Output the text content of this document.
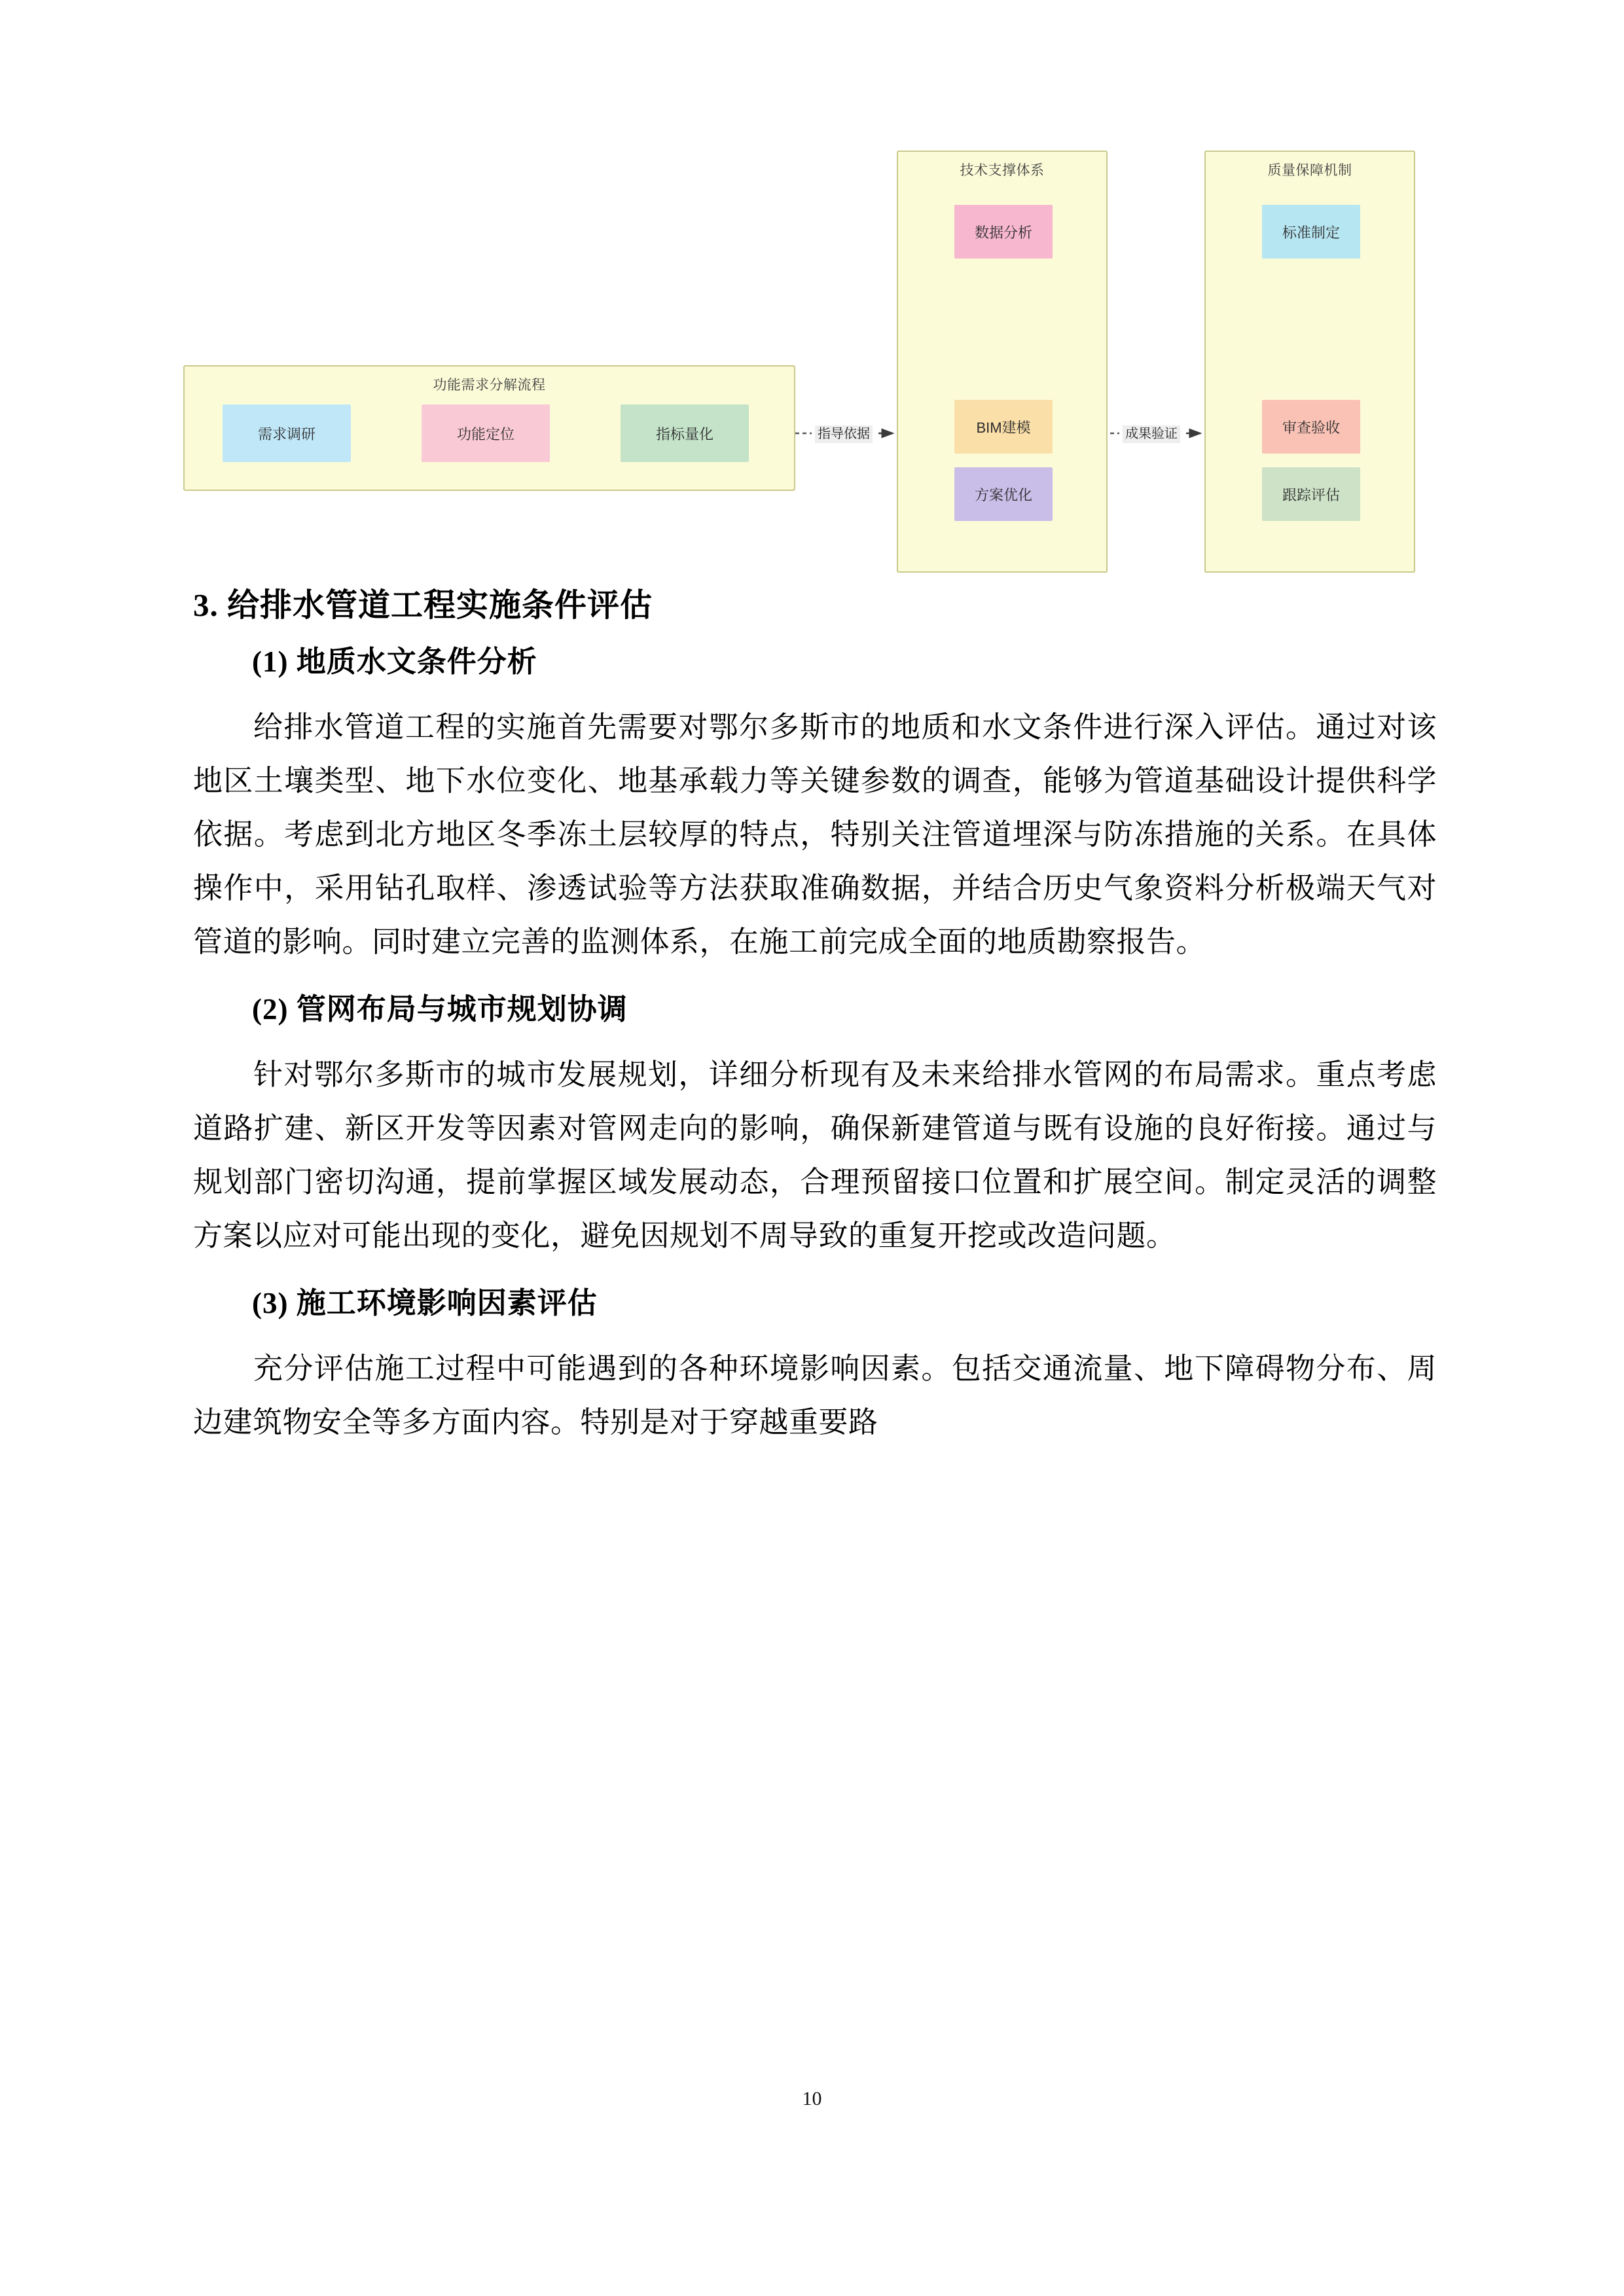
功能需求分解流程
需求调研	功能定位	指标量化
技术支撑体系
数据分析
BIM建模
方案优化
质量保障机制
标准制定
审查验收
跟踪评估
指导依据	成果验证
3. 给排水管道工程实施条件评估
(1) 地质水文条件分析

给排水管道工程的实施首先需要对鄂尔多斯市的地质和水文条件进行深入评估。通过对该地区土壤类型、地下水位变化、地基承载力等关键参数的调查，能够为管道基础设计提供科学依据。考虑到北方地区冬季冻土层较厚的特点，特别关注管道埋深与防冻措施的关系。在具体操作中，采用钻孔取样、渗透试验等方法获取准确数据，并结合历史气象资料分析极端天气对管道的影响。同时建立完善的监测体系，在施工前完成全面的地质勘察报告。

(2) 管网布局与城市规划协调

针对鄂尔多斯市的城市发展规划，详细分析现有及未来给排水管网的布局需求。重点考虑道路扩建、新区开发等因素对管网走向的影响，确保新建管道与既有设施的良好衔接。通过与规划部门密切沟通，提前掌握区域发展动态，合理预留接口位置和扩展空间。制定灵活的调整方案以应对可能出现的变化，避免因规划不周导致的重复开挖或改造问题。

(3) 施工环境影响因素评估

充分评估施工过程中可能遇到的各种环境影响因素。包括交通流量、地下障碍物分布、周边建筑物安全等多方面内容。特别是对于穿越重要路

10
